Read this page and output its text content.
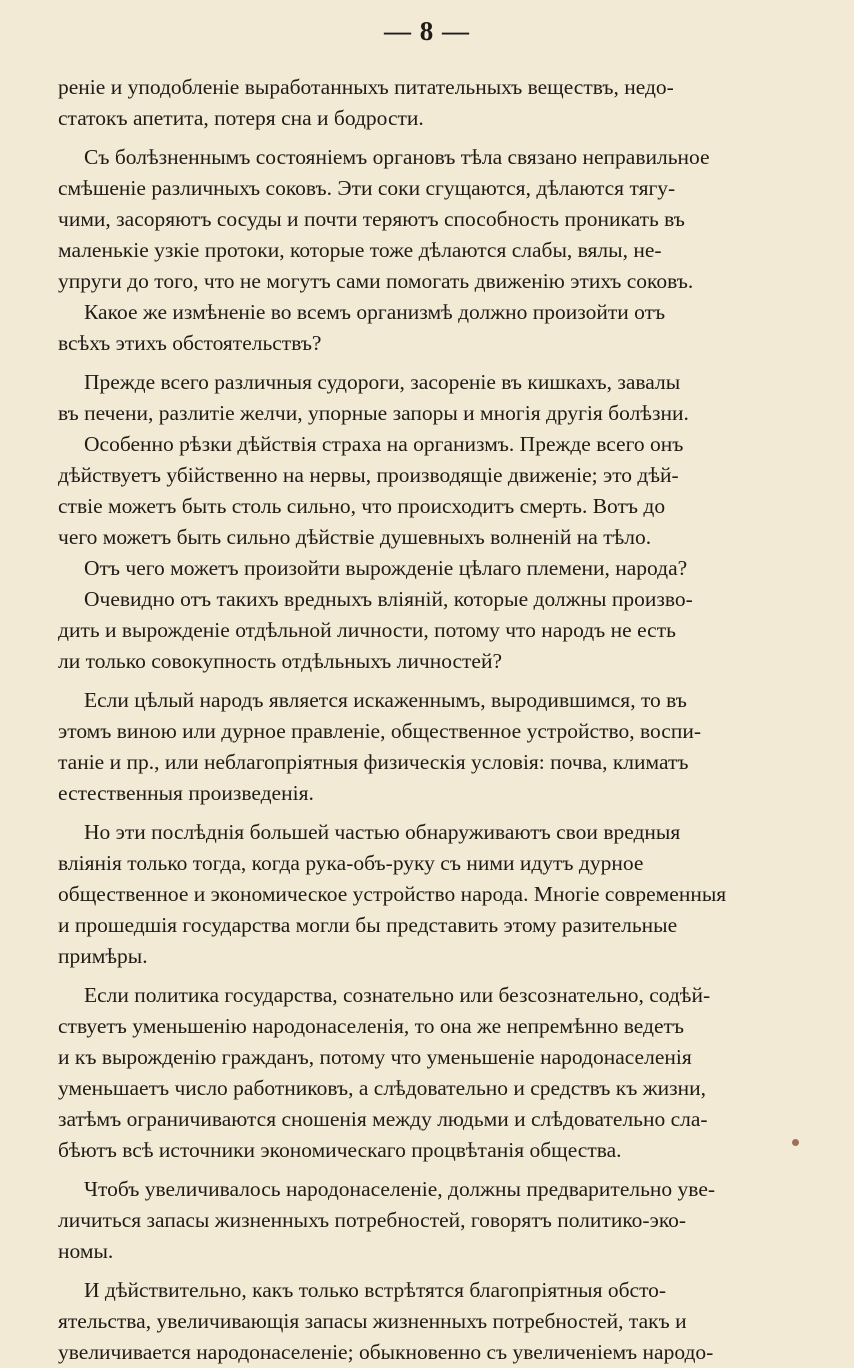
— 8 —
ренiе и уподобленiе выработанныхъ питательныхъ веществъ, недо-
статокъ апетита, потеря сна и бодрости.
Съ болѣзненнымъ состоянiемъ органовъ тѣла связано неправильное
смѣшенiе различныхъ соковъ. Эти соки сгущаются, дѣлаются тягу-
чими, засоряютъ сосуды и почти теряютъ способность проникать въ
маленькiе узкiе протоки, которые тоже дѣлаются слабы, вялы, не-
упруги до того, что не могутъ сами помогать движенiю этихъ соковъ.
Какое же измѣненiе во всемъ организмѣ должно произойти отъ
всѣхъ этихъ обстоятельствъ?
Прежде всего различныя судороги, засоренiе въ кишкахъ, завалы
въ печени, разлитiе желчи, упорные запоры и многiя другiя болѣзни.
Особенно рѣзки дѣйствiя страха на организмъ. Прежде всего онъ
дѣйствуетъ убiйственно на нервы, производящiе движенiе; это дѣй-
ствiе можетъ быть столь сильно, что происходитъ смерть. Вотъ до
чего можетъ быть сильно дѣйствiе душевныхъ волненiй на тѣло.
Отъ чего можетъ произойти вырожденiе цѣлаго племени, народа?
Очевидно отъ такихъ вредныхъ влiянiй, которые должны произво-
дить и вырожденiе отдѣльной личности, потому что народъ не есть
ли только совокупность отдѣльныхъ личностей?
Если цѣлый народъ является искаженнымъ, выродившимся, то въ
этомъ виною или дурное правленiе, общественное устройство, воспи-
танiе и пр., или неблагопрiятныя физическiя условiя: почва, климатъ
естественныя произведенiя.
Но эти послѣднiя большей частью обнаруживаютъ свои вредныя
влiянiя только тогда, когда рука-объ-руку съ ними идутъ дурное
общественное и экономическое устройство народа. Многiе современныя
и прошедшiя государства могли бы представить этому разительные
примѣры.
Если политика государства, сознательно или безсознательно, содѣй-
ствуетъ уменьшенiю народонаселенiя, то она же непремѣнно ведетъ
и къ вырожденiю гражданъ, потому что уменьшенiе народонаселенiя
уменьшаетъ число работниковъ, а слѣдовательно и средствъ къ жизни,
затѣмъ ограничиваются сношенiя между людьми и слѣдовательно сла-
бѣютъ всѣ источники экономическаго процвѣтанiя общества.
Чтобъ увеличивалось народонаселенiе, должны предварительно уве-
личиться запасы жизненныхъ потребностей, говорятъ политико-эко-
номы.
И дѣйствительно, какъ только встрѣтятся благопрiятныя обсто-
ятельства, увеличивающiя запасы жизненныхъ потребностей, такъ и
увеличивается народонаселенiе; обыкновенно съ увеличенiемъ народо-
